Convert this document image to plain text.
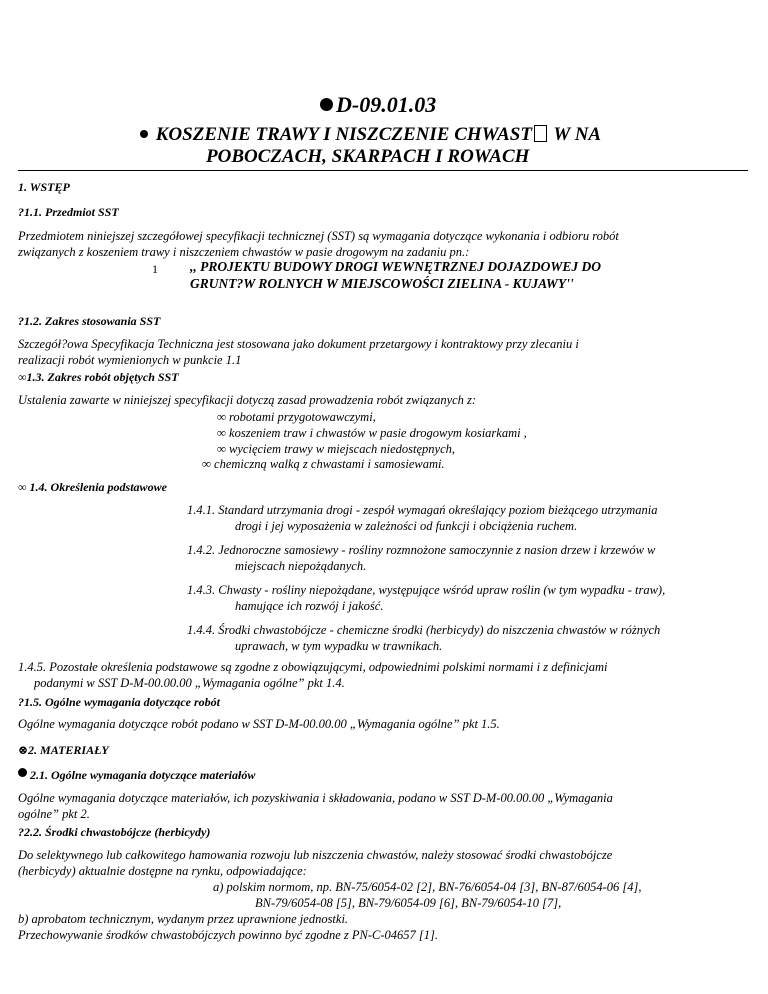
D-09.01.03
KOSZENIE TRAWY I NISZCZENIE CHWAST W NA
POBOCZACH, SKARPACH I ROWACH
1. WSTĘP
?1.1. Przedmiot SST
Przedmiotem niniejszej szczegółowej specyfikacji technicznej (SST) są wymagania dotyczące wykonania i odbioru robót
związanych z koszeniem trawy i niszczeniem chwastów w pasie drogowym na zadaniu pn.:
1 ,, PROJEKTU BUDOWY DROGI WEWNĘTRZNEJ DOJAZDOWEJ DO
GRUNT?W ROLNYCH W MIEJSCOWOŚCI ZIELINA - KUJAWY''
?1.2. Zakres stosowania SST
Szczegół?owa Specyfikacja Techniczna jest stosowana jako dokument przetargowy i kontraktowy przy zlecaniu i
realizacji robót wymienionych w punkcie 1.1
∞1.3. Zakres robót objętych SST
Ustalenia zawarte w niniejszej specyfikacji dotyczą zasad prowadzenia robót związanych z:
∞ robotami przygotowawczymi,
∞ koszeniem traw i chwastów w pasie drogowym kosiarkami ,
∞ wycięciem trawy w miejscach niedostępnych,
∞ chemiczną walką z chwastami i samosiewami.
∞ 1.4. Określenia podstawowe
1.4.1. Standard utrzymania drogi - zespół wymagań określający poziom bieżącego utrzymania
drogi i jej wyposażenia w zależności od funkcji i obciążenia ruchem.
1.4.2. Jednoroczne samosiewy - rośliny rozmnożone samoczynnie z nasion drzew i krzewów w
miejscach niepożądanych.
1.4.3. Chwasty - rośliny niepożądane, występujące wśród upraw roślin (w tym wypadku - traw),
hamujące ich rozwój i jakość.
1.4.4. Środki chwastobójcze - chemiczne środki (herbicydy) do niszczenia chwastów w różnych
uprawach, w tym wypadku w trawnikach.
1.4.5. Pozostałe określenia podstawowe są zgodne z obowiązującymi, odpowiednimi polskimi normami i z definicjami
podanymi w SST D-M-00.00.00 „Wymagania ogólne” pkt 1.4.
?1.5. Ogólne wymagania dotyczące robót
Ogólne wymagania dotyczące robót podano w SST D-M-00.00.00 „Wymagania ogólne” pkt 1.5.
⊗2. MATERIAŁY
2.1. Ogólne wymagania dotyczące materiałów
Ogólne wymagania dotyczące materiałów, ich pozyskiwania i składowania, podano w SST D-M-00.00.00 „Wymagania
ogólne” pkt 2.
?2.2. Środki chwastobójcze (herbicydy)
Do selektywnego lub całkowitego hamowania rozwoju lub niszczenia chwastów, należy stosować środki chwastobójcze
(herbicydy) aktualnie dostępne na rynku, odpowiadające:
a) polskim normom, np. BN-75/6054-02 [2], BN-76/6054-04 [3], BN-87/6054-06 [4],
BN-79/6054-08 [5], BN-79/6054-09 [6], BN-79/6054-10 [7],
b) aprobatom technicznym, wydanym przez uprawnione jednostki.
Przechowywanie środków chwastobójczych powinno być zgodne z PN-C-04657 [1].
